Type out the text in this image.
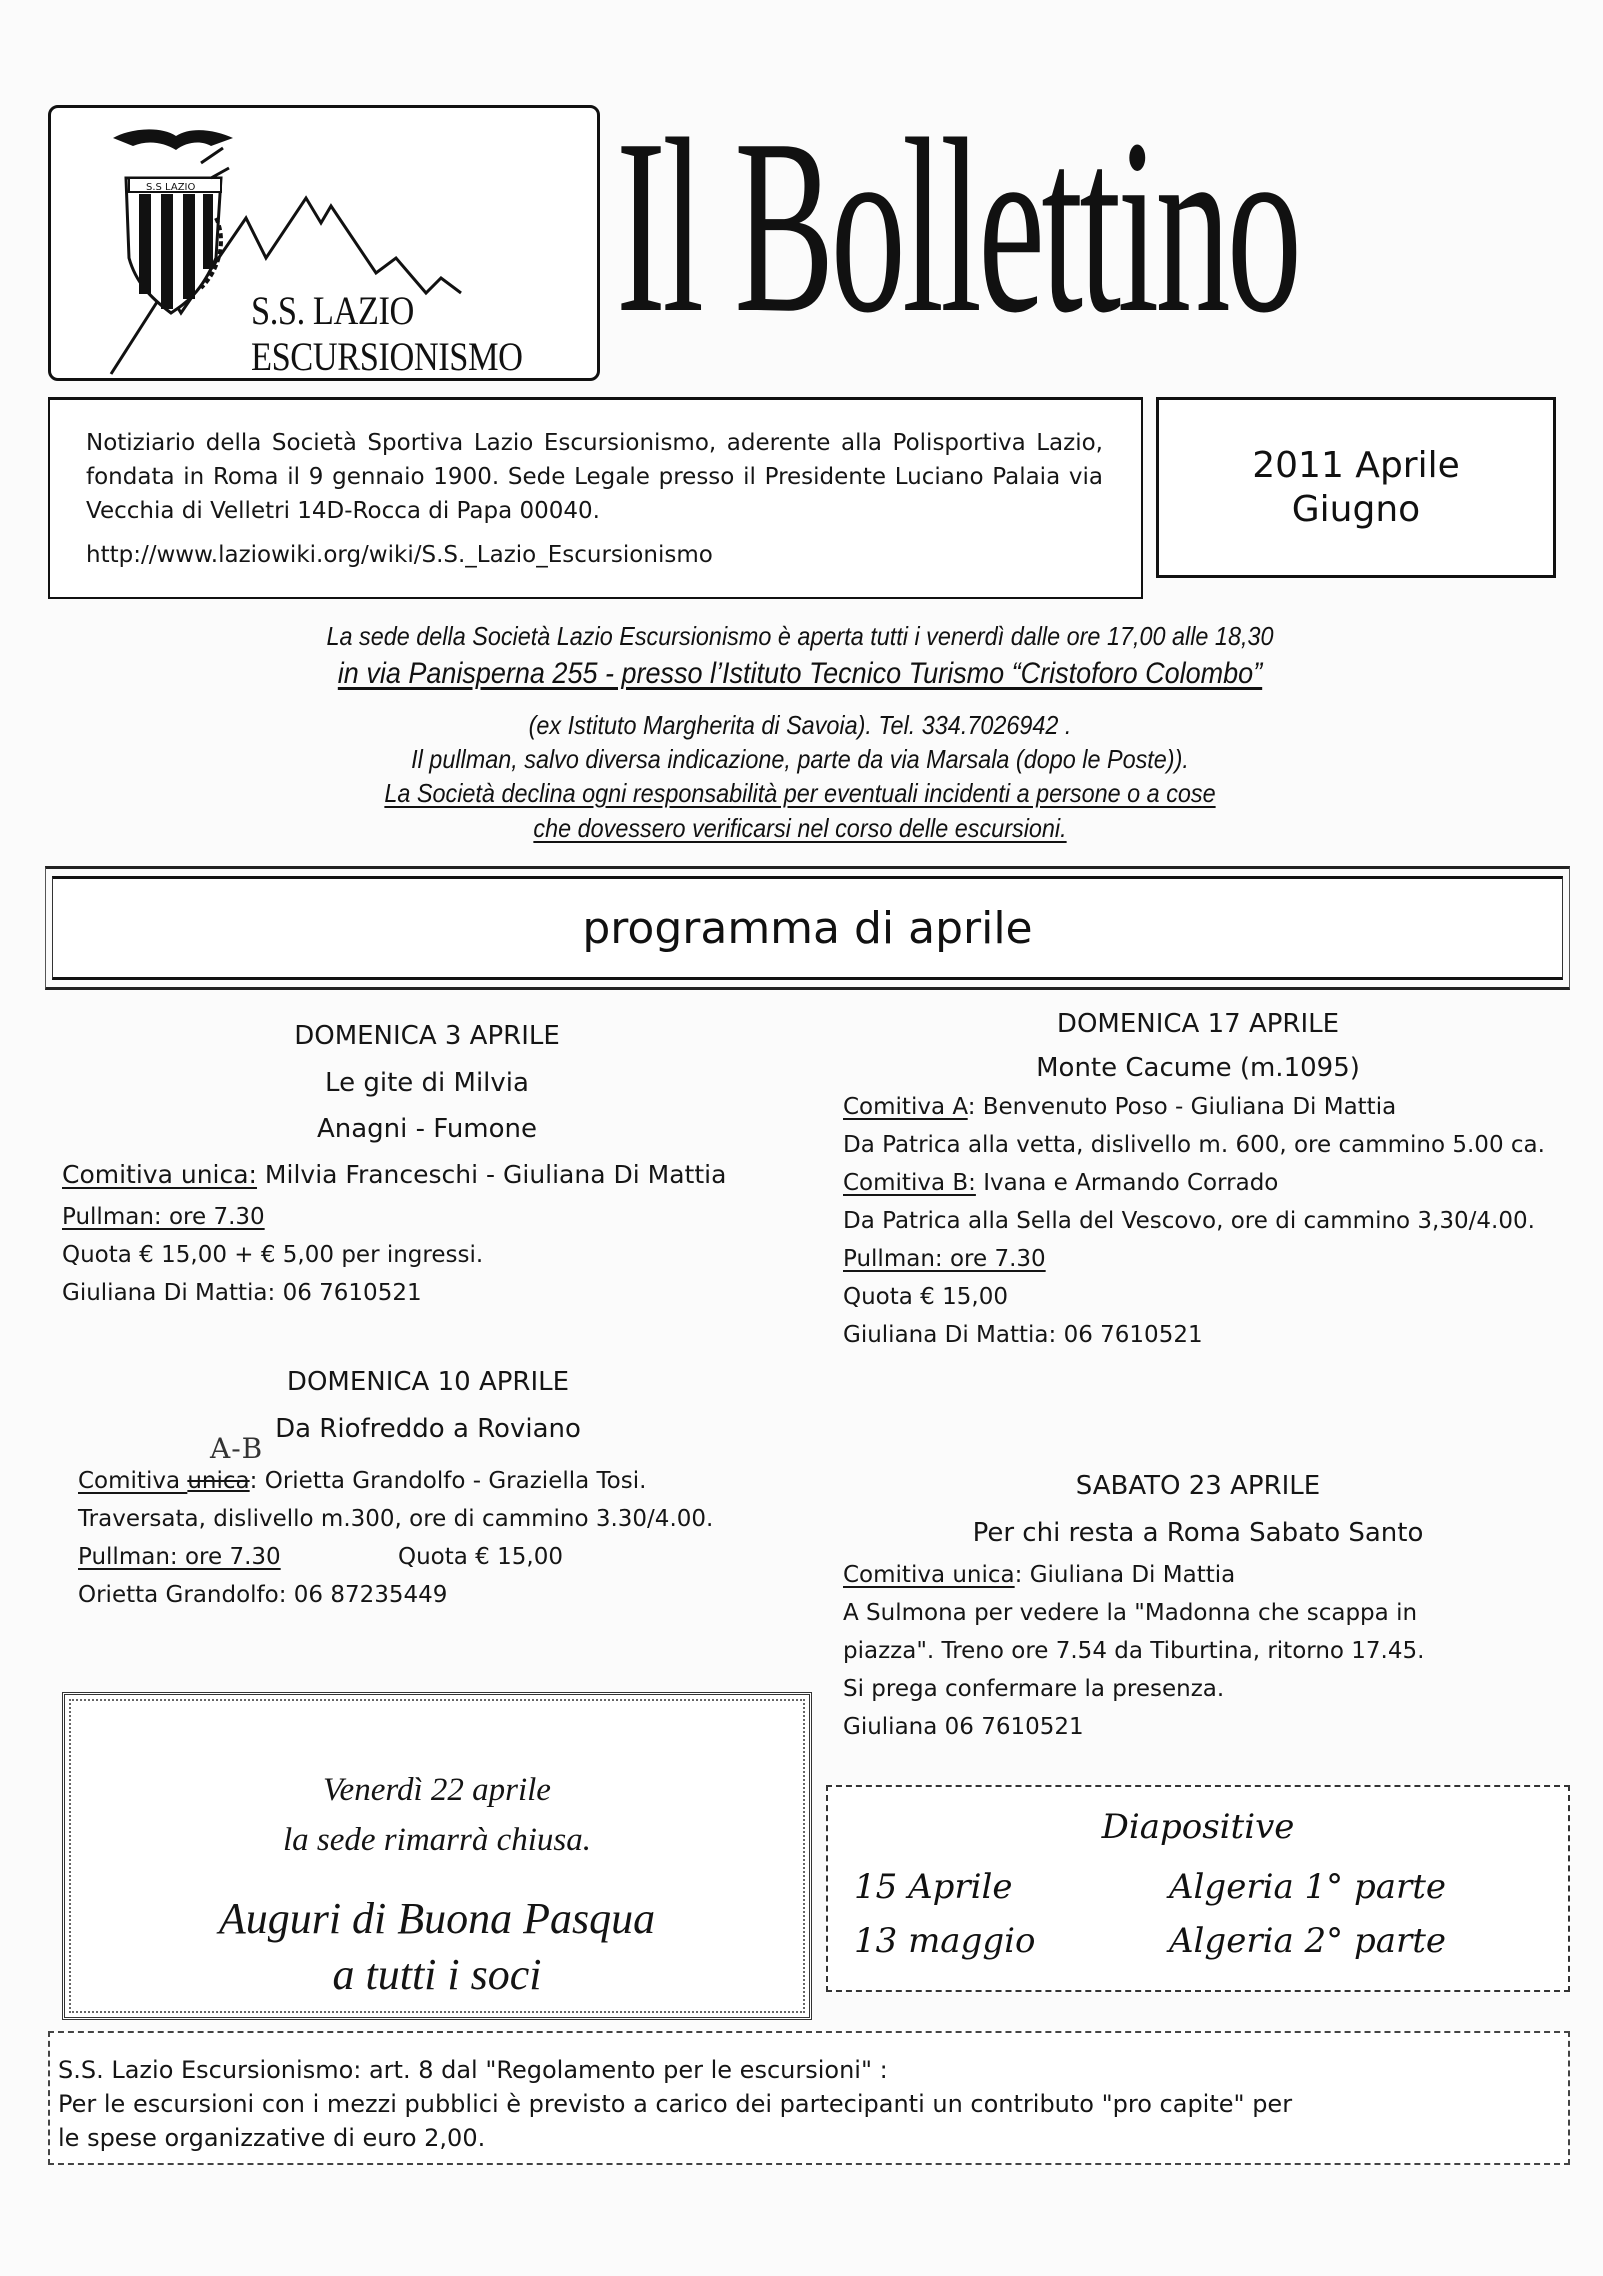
S.S LAZIO
S.S. LAZIO
ESCURSIONISMO Il Bollettino

Notiziario della Società Sportiva Lazio Escursionismo, aderente alla Polisportiva Lazio, fondata in Roma il 9 gennaio 1900. Sede Legale presso il Presidente Luciano Palaia via Vecchia di Velletri 14D-Rocca di Papa 00040.

http://www.laziowiki.org/wiki/S.S._Lazio_Escursionismo

2011 Aprile
Giugno
La sede della Società Lazio Escursionismo è aperta tutti i venerdì dalle ore 17,00 alle 18,30
in via Panisperna 255 - presso l’Istituto Tecnico Turismo “Cristoforo Colombo”
(ex Istituto Margherita di Savoia). Tel. 334.7026942 .
Il pullman, salvo diversa indicazione, parte da via Marsala (dopo le Poste)).
La Società declina ogni responsabilità per eventuali incidenti a persone o a cose
che dovessero verificarsi nel corso delle escursioni.
programma di aprile
DOMENICA 3 APRILE
Le gite di Milvia
Anagni - Fumone
Comitiva unica: Milvia Franceschi - Giuliana Di Mattia
Pullman: ore 7.30
Quota € 15,00 + € 5,00 per ingressi.
Giuliana Di Mattia: 06 7610521
DOMENICA 10 APRILE
Da Riofreddo a Roviano
A-B
Comitiva unica: Orietta Grandolfo - Graziella Tosi.
Traversata, dislivello m.300, ore di cammino 3.30/4.00.
Pullman: ore 7.30	Quota € 15,00
Orietta Grandolfo: 06 87235449
DOMENICA 17 APRILE
Monte Cacume (m.1095)
Comitiva A: Benvenuto Poso - Giuliana Di Mattia
Da Patrica alla vetta, dislivello m. 600, ore cammino 5.00 ca.
Comitiva B: Ivana e Armando Corrado
Da Patrica alla Sella del Vescovo, ore di cammino 3,30/4.00.
Pullman: ore 7.30
Quota € 15,00
Giuliana Di Mattia: 06 7610521
SABATO 23 APRILE
Per chi resta a Roma Sabato Santo
Comitiva unica: Giuliana Di Mattia
A Sulmona per vedere la "Madonna che scappa in
piazza". Treno ore 7.54 da Tiburtina, ritorno 17.45.
Si prega confermare la presenza.
Giuliana 06 7610521
Venerdì 22 aprile
la sede rimarrà chiusa.
Auguri di Buona Pasqua
a tutti i soci
Diapositive
15 Aprile	Algeria 1° parte
13 maggio	Algeria 2° parte
S.S. Lazio Escursionismo: art. 8 dal "Regolamento per le escursioni" :
Per le escursioni con i mezzi pubblici è previsto a carico dei partecipanti un contributo "pro capite" per
le spese organizzative di euro 2,00.
